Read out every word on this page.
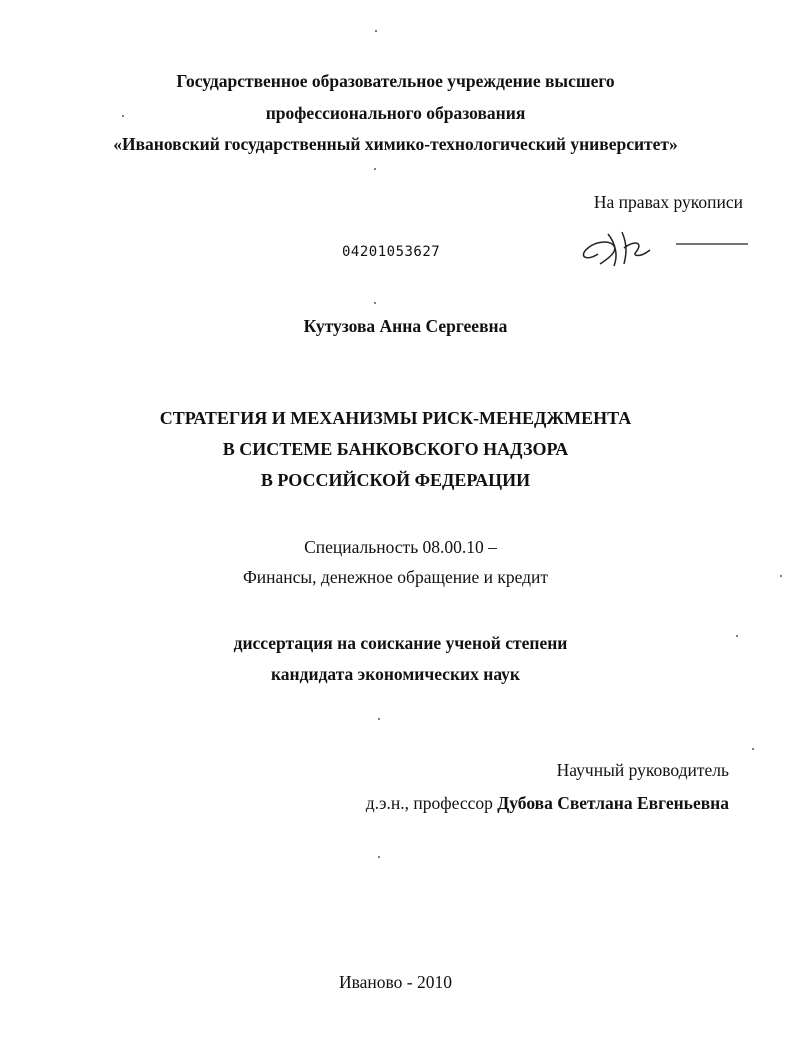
Государственное образовательное учреждение высшего
профессионального образования
«Ивановский государственный химико-технологический университет»
На правах рукописи
04201053627
Кутузова Анна Сергеевна
СТРАТЕГИЯ И МЕХАНИЗМЫ РИСК-МЕНЕДЖМЕНТА
В СИСТЕМЕ БАНКОВСКОГО НАДЗОРА
В РОССИЙСКОЙ ФЕДЕРАЦИИ
Специальность 08.00.10 –
Финансы, денежное обращение и кредит
диссертация на соискание ученой степени
кандидата экономических наук
Научный руководитель
д.э.н., профессор Дубова Светлана Евгеньевна
Иваново - 2010
